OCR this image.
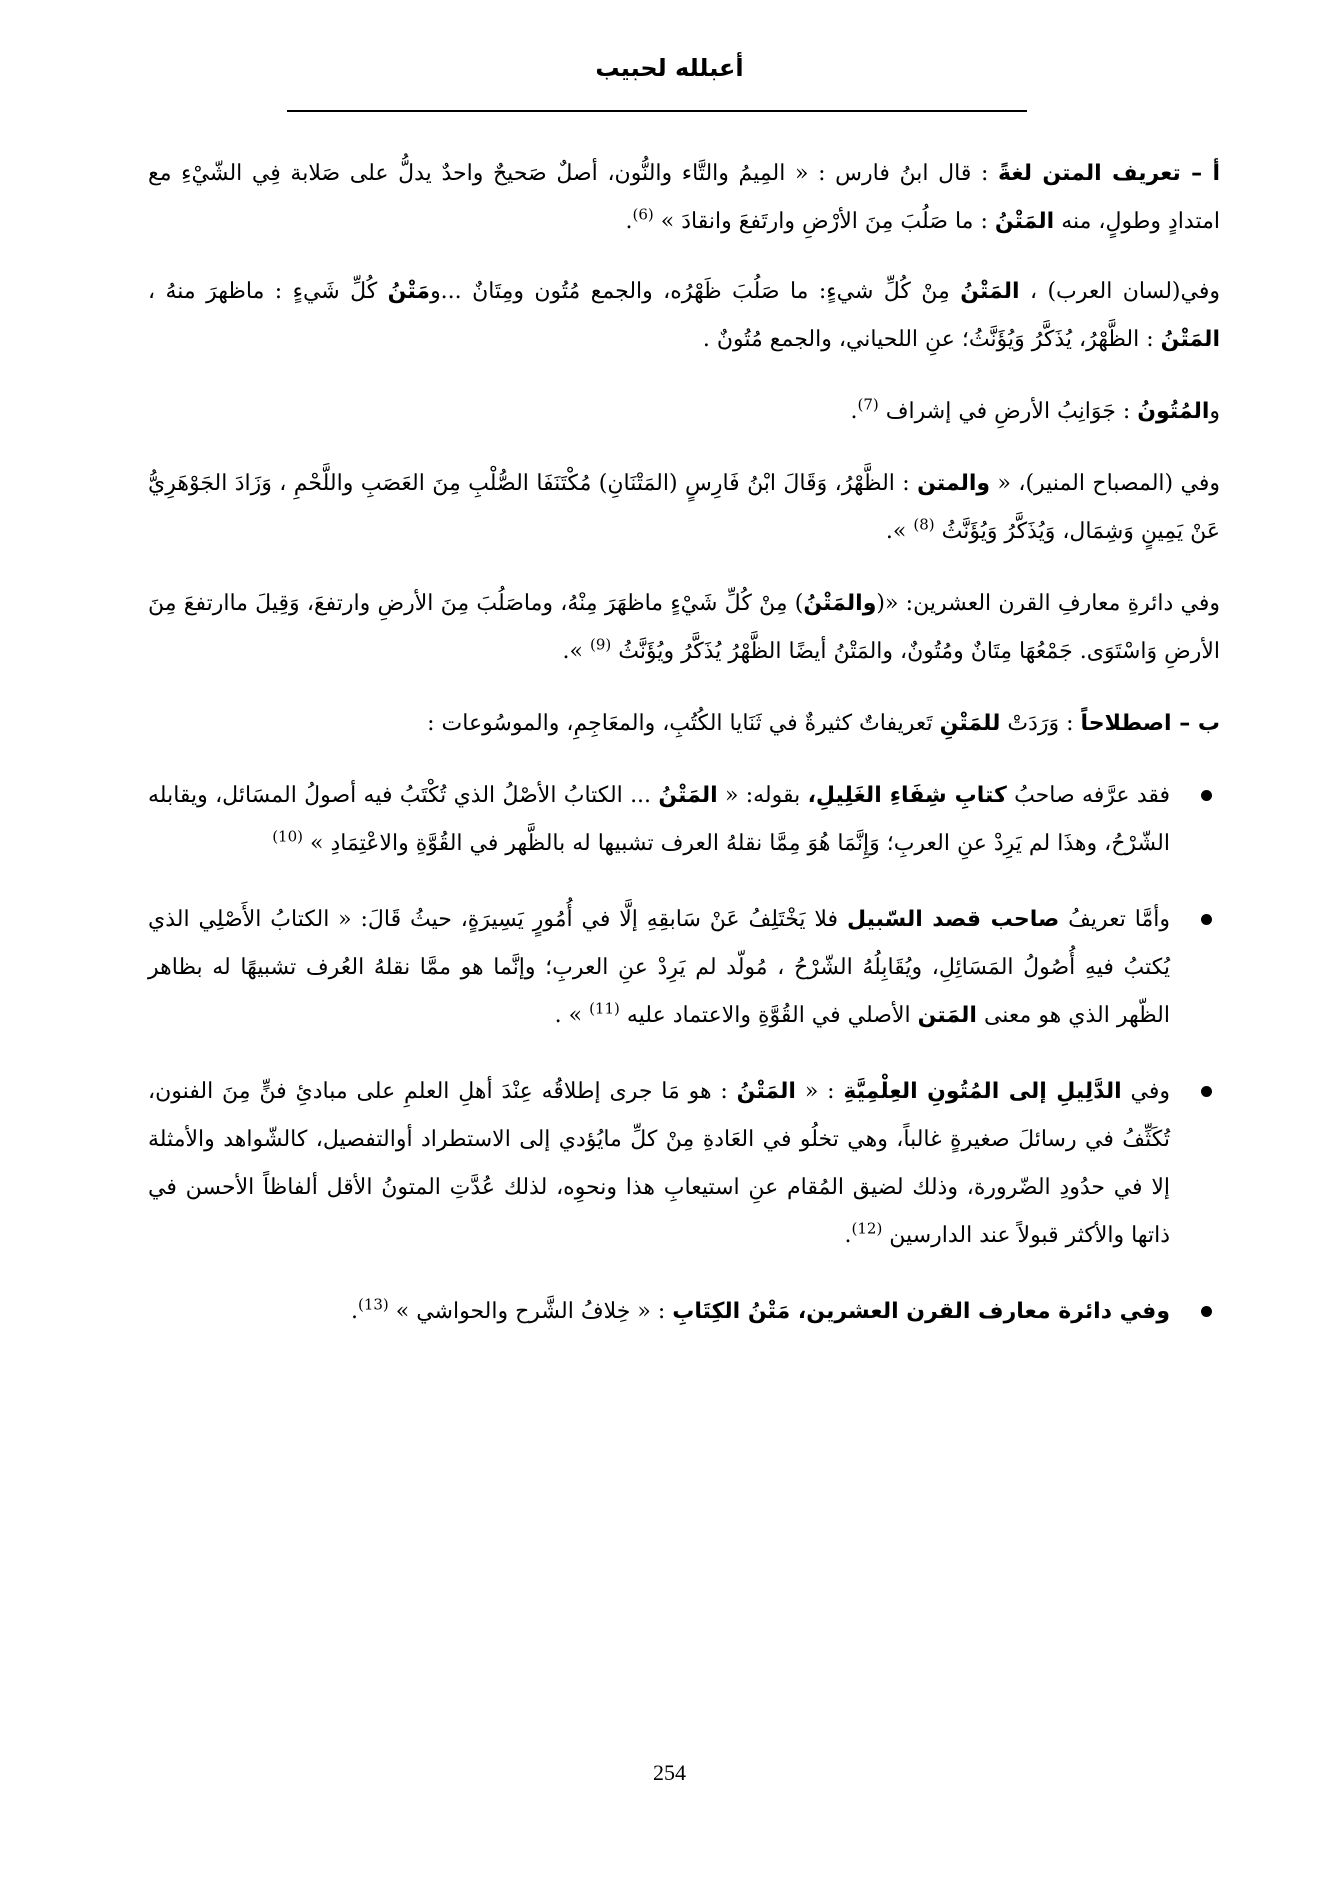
أعبلله لحبيب

أ – تعريف المتن لغةً : قال ابنُ فارس : « المِيمُ والتَّاء والنُّون، أصلٌ صَحيحٌ واحدٌ يدلُّ على صَلابة فِي الشّيْءِ مع امتدادٍ وطولٍ، منه المَتْنُ : ما صَلُبَ مِنَ الأرْضِ وارتَفعَ وانقادَ » $^{(6)}$.

وفي(لسان العرب) ، المَتْنُ مِنْ كُلِّ شيءٍ: ما صَلُبَ ظَهْرُه، والجمع مُتُون ومِتَانٌ ...ومَتْنُ كُلِّ شَيءٍ : ماظهرَ منهُ ، المَتْنُ : الظَّهْرُ، يُذَكَّرُ وَيُؤَنَّثُ؛ عنِ اللحياني، والجمع مُتُونٌ .

والمُتُونُ : جَوَانِبُ الأرضِ في إشراف $^{(7)}$.

وفي (المصباح المنير)، « والمتن : الظَّهْرُ، وَقَالَ ابْنُ فَارِسٍ (المَتْنَانِ) مُكْتَنَفَا الصُّلْبِ مِنَ العَصَبِ واللَّحْمِ ، وَزَادَ الجَوْهَرِيُّ عَنْ يَمِينٍ وَشِمَال، وَيُذَكَّرُ وَيُؤَنَّثُ $^{(8)}$ ».

وفي دائرةِ معارفِ القرن العشرين: «(والمَتْنُ) مِنْ كُلِّ شَيْءٍ ماظهَرَ مِنْهُ، وماصَلُبَ مِنَ الأرضِ وارتفعَ، وَقِيلَ ماارتفعَ مِنَ الأرضِ وَاسْتَوَى. جَمْعُهَا مِتَانٌ ومُتُونٌ، والمَتْنُ أيضًا الظَّهْرُ يُذَكَّرُ ويُؤَنَّثُ $^{(9)}$ ».

ب – اصطلاحاً : وَرَدَتْ للمَتْنِ تَعريفاتٌ كثيرةٌ في ثَنَايا الكُتُبِ، والمعَاجِمِ، والموسُوعات :

فقد عرَّفه صاحبُ كتابِ شِفَاءِ الغَلِيلِ، بقوله: « المَتْنُ ... الكتابُ الأصْلُ الذي تُكْتَبُ فيه أصولُ المسَائل، ويقابله الشّرْحُ، وهذَا لم يَرِدْ عنِ العربِ؛ وَإِنَّمَا هُوَ مِمَّا نقلهُ العرف تشبيها له بالظَّهر في القُوَّةِ والاعْتِمَادِ » $^{(10)}$
وأمَّا تعريفُ صاحب قصد السّبيل فلا يَخْتَلِفُ عَنْ سَابقِهِ إلَّا في أُمُورٍ يَسِيرَةٍ، حيثُ قَالَ: « الكتابُ الأَصْلِي الذي يُكتبُ فيهِ أُصُولُ المَسَائِلِ، ويُقَابِلُهُ الشّرْحُ ، مُولّد لم يَرِدْ عنِ العربِ؛ وإنَّما هو ممَّا نقلهُ العُرف تشبيهًا له بظاهر الظّهر الذي هو معنى المَتن الأصلي في القُوَّةِ والاعتماد عليه $^{(11)}$ » .
وفي الدَّلِيلِ إلى المُتُونِ العِلْمِيَّةِ : « المَتْنُ : هو مَا جرى إطلاقُه عِنْدَ أهلِ العلمِ على مبادئِ فنٍّ مِنَ الفنون، تُكَثِّفُ في رسائلَ صغيرةٍ غالباً، وهي تخلُو في العَادةِ مِنْ كلِّ مايُؤدي إلى الاستطراد أوالتفصيل، كالشّواهد والأمثلة إلا في حدُودِ الضّرورة، وذلك لضيق المُقام عنِ استيعابِ هذا ونحوِه، لذلك عُدَّتِ المتونُ الأقل ألفاظاً الأحسن في ذاتها والأكثر قبولاً عند الدارسين $^{(12)}$.
وفي دائرة معارف القرن العشرين، مَتْنُ الكِتَابِ : « خِلافُ الشَّرح والحواشي » $^{(13)}$.
254
